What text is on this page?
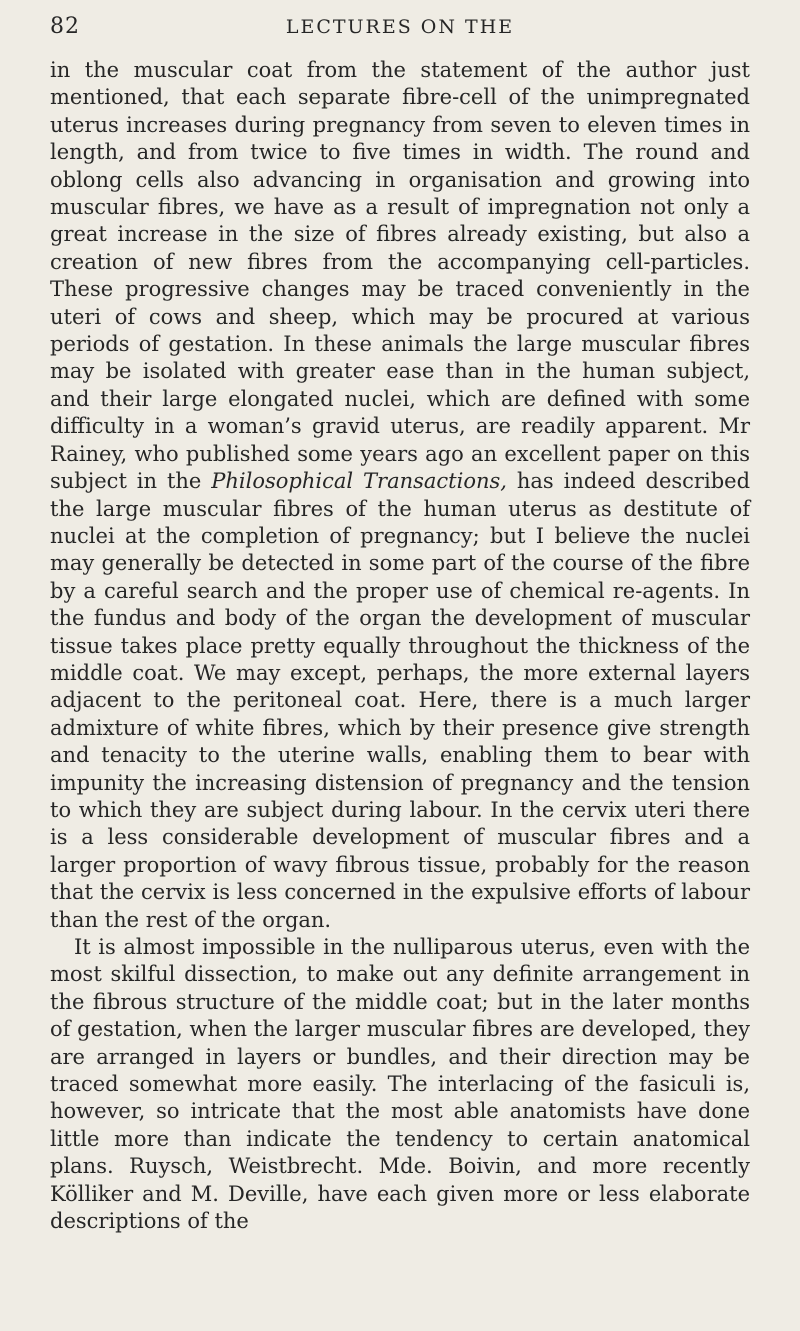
82	LECTURES ON THE

in the muscular coat from the statement of the author just mentioned, that each separate fibre-cell of the unimpregnated uterus increases during pregnancy from seven to eleven times in length, and from twice to five times in width. The round and oblong cells also advancing in organisation and growing into muscular fibres, we have as a result of impregnation not only a great increase in the size of fibres already existing, but also a creation of new fibres from the accompanying cell-particles. These progressive changes may be traced conveniently in the uteri of cows and sheep, which may be procured at various periods of gestation. In these animals the large muscular fibres may be isolated with greater ease than in the human subject, and their large elongated nuclei, which are defined with some difficulty in a woman’s gravid uterus, are readily apparent. Mr Rainey, who published some years ago an excellent paper on this subject in the Philosophical Transactions, has indeed described the large muscular fibres of the human uterus as destitute of nuclei at the completion of pregnancy; but I believe the nuclei may generally be detected in some part of the course of the fibre by a careful search and the proper use of chemical re-agents. In the fundus and body of the organ the development of muscular tissue takes place pretty equally throughout the thickness of the middle coat. We may except, perhaps, the more external layers adjacent to the peritoneal coat. Here, there is a much larger admixture of white fibres, which by their presence give strength and tenacity to the uterine walls, enabling them to bear with impunity the increasing distension of pregnancy and the tension to which they are subject during labour. In the cervix uteri there is a less considerable development of muscular fibres and a larger proportion of wavy fibrous tissue, probably for the reason that the cervix is less concerned in the expulsive efforts of labour than the rest of the organ.

It is almost impossible in the nulliparous uterus, even with the most skilful dissection, to make out any definite arrangement in the fibrous structure of the middle coat; but in the later months of gestation, when the larger muscular fibres are developed, they are arranged in layers or bundles, and their direction may be traced somewhat more easily. The interlacing of the fasiculi is, however, so intricate that the most able anatomists have done little more than indicate the tendency to certain anatomical plans. Ruysch, Weistbrecht. Mde. Boivin, and more recently Kölliker and M. Deville, have each given more or less elaborate descriptions of the
